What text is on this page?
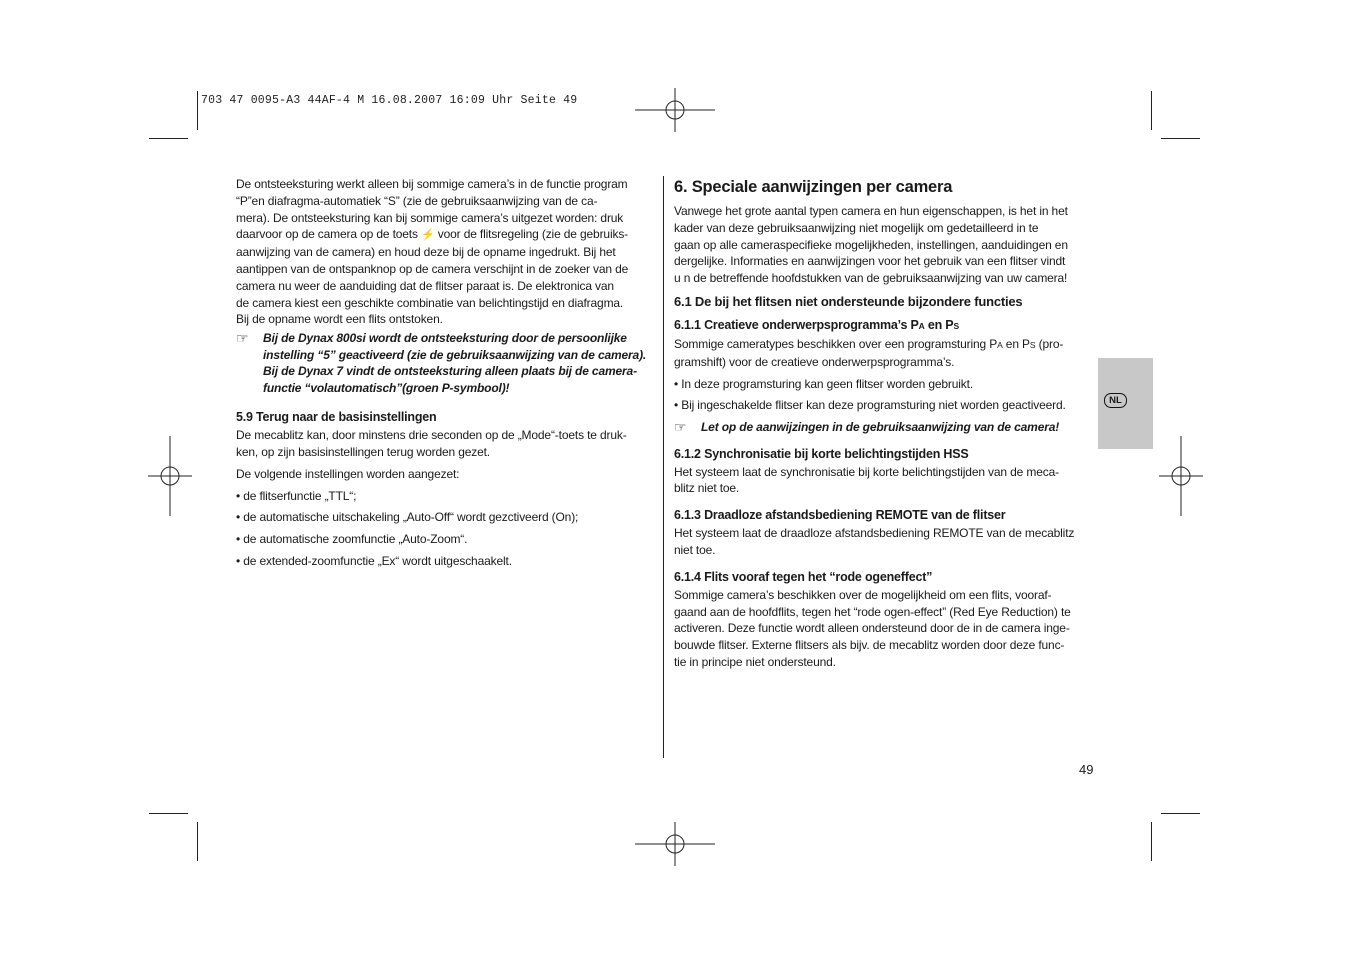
703 47 0095-A3 44AF-4 M 16.08.2007 16:09 Uhr Seite 49

De ontsteeksturing werkt alleen bij sommige camera’s in de functie program
“P”en diafragma-automatiek “S” (zie de gebruiksaanwijzing van de ca-
mera). De ontsteeksturing kan bij sommige camera’s uitgezet worden: druk
daarvoor op de camera op de toets ⚡ voor de flitsregeling (zie de gebruiks-
aanwijzing van de camera) en houd deze bij de opname ingedrukt. Bij het
aantippen van de ontspanknop op de camera verschijnt in de zoeker van de
camera nu weer de aanduiding dat de flitser paraat is. De elektronica van
de camera kiest een geschikte combinatie van belichtingstijd en diafragma.
Bij de opname wordt een flits ontstoken.

☞	Bij de Dynax 800si wordt de ontsteeksturing door de persoonlijke
instelling “5” geactiveerd (zie de gebruiksaanwijzing van de camera).
Bij de Dynax 7 vindt de ontsteeksturing alleen plaats bij de camera-
functie “volautomatisch”(groen P-symbool)!
5.9 Terug naar de basisinstellingen

De mecablitz kan, door minstens drie seconden op de „Mode“-toets te druk-
ken, op zijn basisinstellingen terug worden gezet.

De volgende instellingen worden aangezet:

• de flitserfunctie „TTL“;

• de automatische uitschakeling „Auto-Off“ wordt gezctiveerd (On);

• de automatische zoomfunctie „Auto-Zoom“.

• de extended-zoomfunctie „Ex“ wordt uitgeschaakelt.

6. Speciale aanwijzingen per camera

Vanwege het grote aantal typen camera en hun eigenschappen, is het in het
kader van deze gebruiksaanwijzing niet mogelijk om gedetailleerd in te
gaan op alle cameraspecifieke mogelijkheden, instellingen, aanduidingen en
dergelijke. Informaties en aanwijzingen voor het gebruik van een flitser vindt
u n de betreffende hoofdstukken van de gebruiksaanwijzing van uw camera!

6.1 De bij het flitsen niet ondersteunde bijzondere functies
6.1.1 Creatieve onderwerpsprogramma’s PA en PS

Sommige cameratypes beschikken over een programsturing PA en PS (pro-
gramshift) voor de creatieve onderwerpsprogramma’s.

• In deze programsturing kan geen flitser worden gebruikt.

• Bij ingeschakelde flitser kan deze programsturing niet worden geactiveerd.

☞	Let op de aanwijzingen in de gebruiksaanwijzing van de camera!
6.1.2 Synchronisatie bij korte belichtingstijden HSS

Het systeem laat de synchronisatie bij korte belichtingstijden van de meca-
blitz niet toe.

6.1.3 Draadloze afstandsbediening REMOTE van de flitser

Het systeem laat de draadloze afstandsbediening REMOTE van de mecablitz
niet toe.

6.1.4 Flits vooraf tegen het “rode ogeneffect”

Sommige camera’s beschikken over de mogelijkheid om een flits, vooraf-
gaand aan de hoofdflits, tegen het “rode ogen-effect” (Red Eye Reduction) te
activeren. Deze functie wordt alleen ondersteund door de in de camera inge-
bouwde flitser. Externe flitsers als bijv. de mecablitz worden door deze func-
tie in principe niet ondersteund.

NL
49
